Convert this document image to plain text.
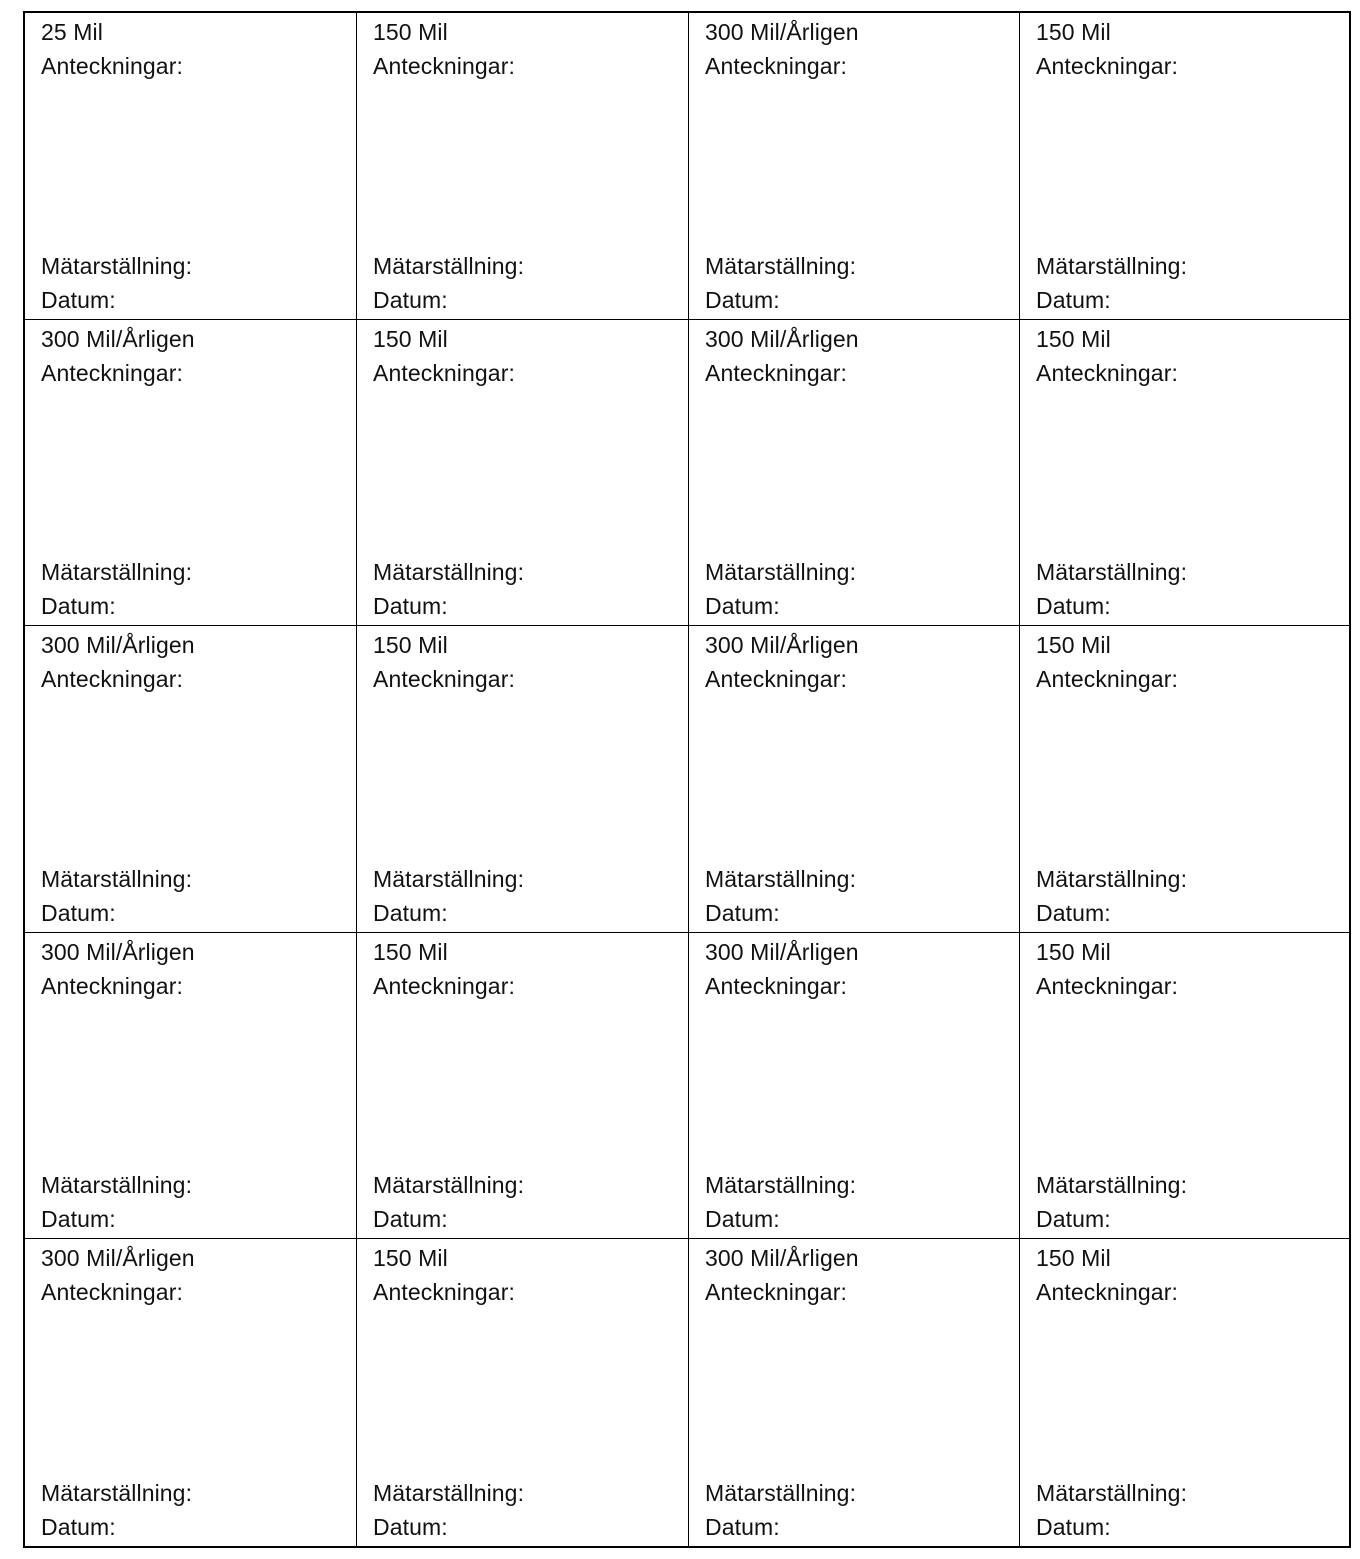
25 Mil
Anteckningar:
Mätarställning:
Datum:
150 Mil
Anteckningar:
Mätarställning:
Datum:
300 Mil/Årligen
Anteckningar:
Mätarställning:
Datum:
150 Mil
Anteckningar:
Mätarställning:
Datum:
300 Mil/Årligen
Anteckningar:
Mätarställning:
Datum:
150 Mil
Anteckningar:
Mätarställning:
Datum:
300 Mil/Årligen
Anteckningar:
Mätarställning:
Datum:
150 Mil
Anteckningar:
Mätarställning:
Datum:
300 Mil/Årligen
Anteckningar:
Mätarställning:
Datum:
150 Mil
Anteckningar:
Mätarställning:
Datum:
300 Mil/Årligen
Anteckningar:
Mätarställning:
Datum:
150 Mil
Anteckningar:
Mätarställning:
Datum:
300 Mil/Årligen
Anteckningar:
Mätarställning:
Datum:
150 Mil
Anteckningar:
Mätarställning:
Datum:
300 Mil/Årligen
Anteckningar:
Mätarställning:
Datum:
150 Mil
Anteckningar:
Mätarställning:
Datum:
300 Mil/Årligen
Anteckningar:
Mätarställning:
Datum:
150 Mil
Anteckningar:
Mätarställning:
Datum:
300 Mil/Årligen
Anteckningar:
Mätarställning:
Datum:
150 Mil
Anteckningar:
Mätarställning:
Datum:
